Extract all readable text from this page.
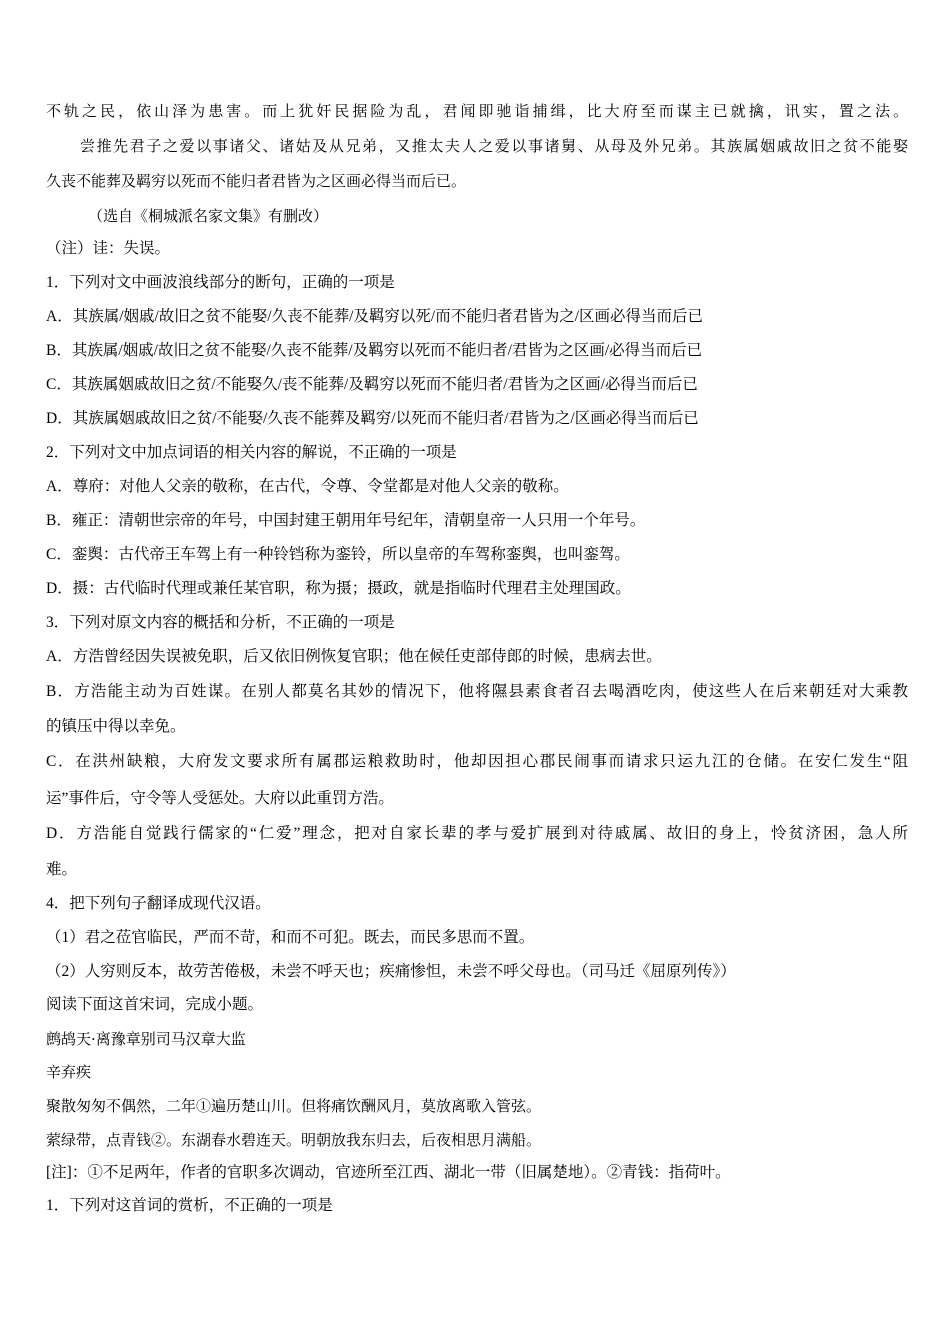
不轨之民，依山泽为患害。而上犹奸民据险为乱，君闻即驰诣捕缉，比大府至而谋主已就擒，讯实，置之法。
尝推先君子之爱以事诸父、诸姑及从兄弟，又推太夫人之爱以事诸舅、从母及外兄弟。其族属姻戚故旧之贫不能娶
久丧不能葬及羁穷以死而不能归者君皆为之区画必得当而后已。
（选自《桐城派名家文集》有删改）
（注）诖：失误。
1．下列对文中画波浪线部分的断句，正确的一项是
A．其族属/姻戚/故旧之贫不能娶/久丧不能葬/及羁穷以死/而不能归者君皆为之/区画必得当而后已
B．其族属/姻戚/故旧之贫不能娶/久丧不能葬/及羁穷以死而不能归者/君皆为之区画/必得当而后已
C．其族属姻戚故旧之贫/不能娶久/丧不能葬/及羁穷以死而不能归者/君皆为之区画/必得当而后已
D．其族属姻戚故旧之贫/不能娶/久丧不能葬及羁穷/以死而不能归者/君皆为之/区画必得当而后已
2．下列对文中加点词语的相关内容的解说，不正确的一项是
A．尊府：对他人父亲的敬称，在古代，令尊、令堂都是对他人父亲的敬称。
B．雍正：清朝世宗帝的年号，中国封建王朝用年号纪年，清朝皇帝一人只用一个年号。
C．銮舆：古代帝王车驾上有一种铃铛称为銮铃，所以皇帝的车驾称銮舆，也叫銮驾。
D．摄：古代临时代理或兼任某官职，称为摄；摄政，就是指临时代理君主处理国政。
3．下列对原文内容的概括和分析，不正确的一项是
A．方浩曾经因失误被免职，后又依旧例恢复官职；他在候任吏部侍郎的时候，患病去世。
B．方浩能主动为百姓谋。在别人都莫名其妙的情况下，他将隰县素食者召去喝酒吃肉，使这些人在后来朝廷对大乘教
的镇压中得以幸免。
C．在洪州缺粮，大府发文要求所有属郡运粮救助时，他却因担心郡民闹事而请求只运九江的仓储。在安仁发生“阻
运”事件后，守令等人受惩处。大府以此重罚方浩。
D．方浩能自觉践行儒家的“仁爱”理念，把对自家长辈的孝与爱扩展到对待戚属、故旧的身上，怜贫济困，急人所
难。
4．把下列句子翻译成现代汉语。
（1）君之莅官临民，严而不苛，和而不可犯。既去，而民多思而不置。
（2）人穷则反本，故劳苦倦极，未尝不呼天也；疾痛惨怛，未尝不呼父母也。（司马迁《屈原列传》）
阅读下面这首宋词，完成小题。
鹧鸪天·离豫章别司马汉章大监
辛弃疾
聚散匆匆不偶然，二年①遍历楚山川。但将痛饮酬风月，莫放离歌入管弦。
萦绿带，点青钱②。东湖春水碧连天。明朝放我东归去，后夜相思月满船。
[注]：①不足两年，作者的官职多次调动，官迹所至江西、湖北一带（旧属楚地）。②青钱：指荷叶。
1．下列对这首词的赏析，不正确的一项是
